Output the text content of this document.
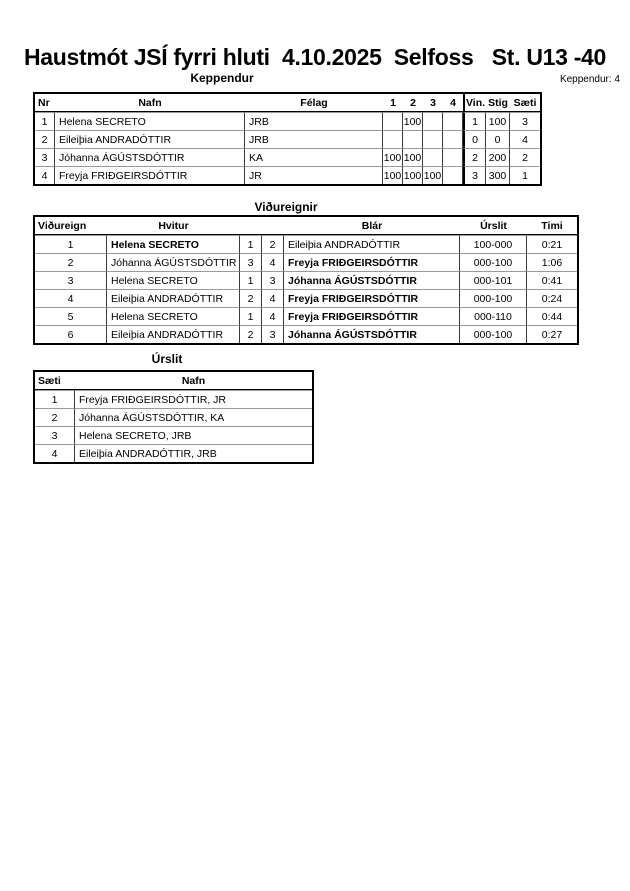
Haustmót JSÍ fyrri hluti  4.10.2025  Selfoss   St. U13 -40
Keppendur	Keppendur: 4
Nr	Nafn	Félag	1	2	3	4	Vin.	Stig	Sæti
1	Helena SECRETO	JRB		100			1	100	3
2	Eileiþia ANDRADÓTTIR	JRB					0	0	4
3	Jóhanna ÁGÚSTSDÓTTIR	KA	100	100			2	200	2
4	Freyja FRIÐGEIRSDÓTTIR	JR	100	100	100		3	300	1
Viðureignir
Viðureign	Hvitur			Blár	Úrslit	Timi
1	Helena SECRETO	1	2	Eileiþia ANDRADÓTTIR	100-000	0:21
2	Jóhanna ÁGÚSTSDÓTTIR	3	4	Freyja FRIÐGEIRSDÓTTIR	000-100	1:06
3	Helena SECRETO	1	3	Jóhanna ÁGÚSTSDÓTTIR	000-101	0:41
4	Eileiþia ANDRADÓTTIR	2	4	Freyja FRIÐGEIRSDÓTTIR	000-100	0:24
5	Helena SECRETO	1	4	Freyja FRIÐGEIRSDÓTTIR	000-110	0:44
6	Eileiþia ANDRADÓTTIR	2	3	Jóhanna ÁGÚSTSDÓTTIR	000-100	0:27
Úrslit
Sæti	Nafn
1	Freyja FRIÐGEIRSDÓTTIR, JR
2	Jóhanna ÁGÚSTSDÓTTIR, KA
3	Helena SECRETO, JRB
4	Eileiþia ANDRADÓTTIR, JRB
